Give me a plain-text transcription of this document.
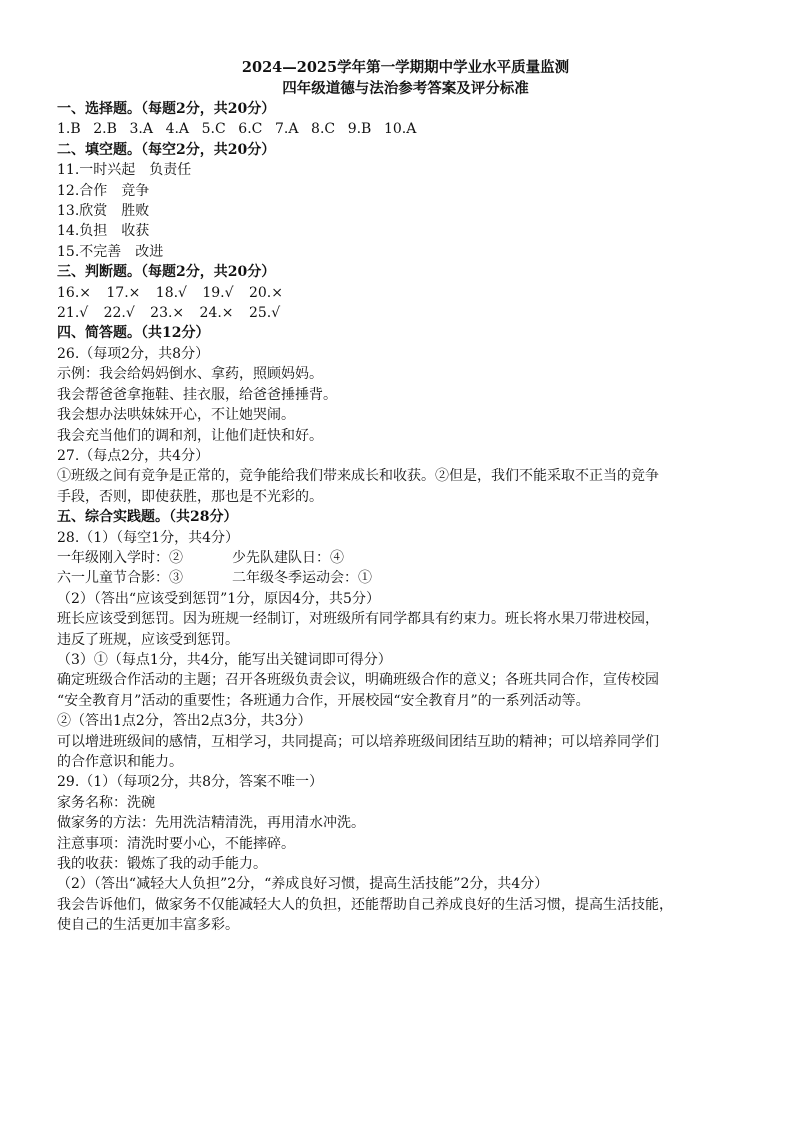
2024—2025学年第一学期期中学业水平质量监测

四年级道德与法治参考答案及评分标准

一、选择题。（每题2分，共20分）

1.B 2.B 3.A 4.A 5.C 6.C 7.A 8.C 9.B 10.A

二、填空题。（每空2分，共20分）

11.一时兴起　 负责任

12.合作　 竞争

13.欣赏　 胜败

14.负担　 收获

15.不完善　 改进

三、判断题。（每题2分，共20分）

16.× 17.× 18.√ 19.√ 20.×

21.√ 22.√ 23.× 24.× 25.√

四、简答题。（共12分）

26.（每项2分，共8分）

示例：我会给妈妈倒水、拿药，照顾妈妈。

我会帮爸爸拿拖鞋、挂衣服，给爸爸捶捶背。

我会想办法哄妹妹开心，不让她哭闹。

我会充当他们的调和剂，让他们赶快和好。

27.（每点2分，共4分）

①班级之间有竞争是正常的，竞争能给我们带来成长和收获。②但是，我们不能采取不正当的竞争

手段，否则，即使获胜，那也是不光彩的。

五、综合实践题。（共28分）

28.（1）（每空1分，共4分）

一年级刚入学时：②	少先队建队日：④

六一儿童节合影：③	二年级冬季运动会：①

（2）（答出“应该受到惩罚”1分，原因4分，共5分）

班长应该受到惩罚。因为班规一经制订，对班级所有同学都具有约束力。班长将水果刀带进校园，

违反了班规，应该受到惩罚。

（3）①（每点1分，共4分，能写出关键词即可得分）

确定班级合作活动的主题；召开各班级负责会议，明确班级合作的意义；各班共同合作，宣传校园

“安全教育月”活动的重要性；各班通力合作，开展校园“安全教育月”的一系列活动等。

②（答出1点2分，答出2点3分，共3分）

可以增进班级间的感情，互相学习，共同提高；可以培养班级间团结互助的精神；可以培养同学们

的合作意识和能力。

29.（1）（每项2分，共8分，答案不唯一）

家务名称：洗碗

做家务的方法：先用洗洁精清洗，再用清水冲洗。

注意事项：清洗时要小心，不能摔碎。

我的收获：锻炼了我的动手能力。

（2）（答出“减轻大人负担”2分，“养成良好习惯，提高生活技能”2分，共4分）

我会告诉他们，做家务不仅能减轻大人的负担，还能帮助自己养成良好的生活习惯，提高生活技能，

使自己的生活更加丰富多彩。
